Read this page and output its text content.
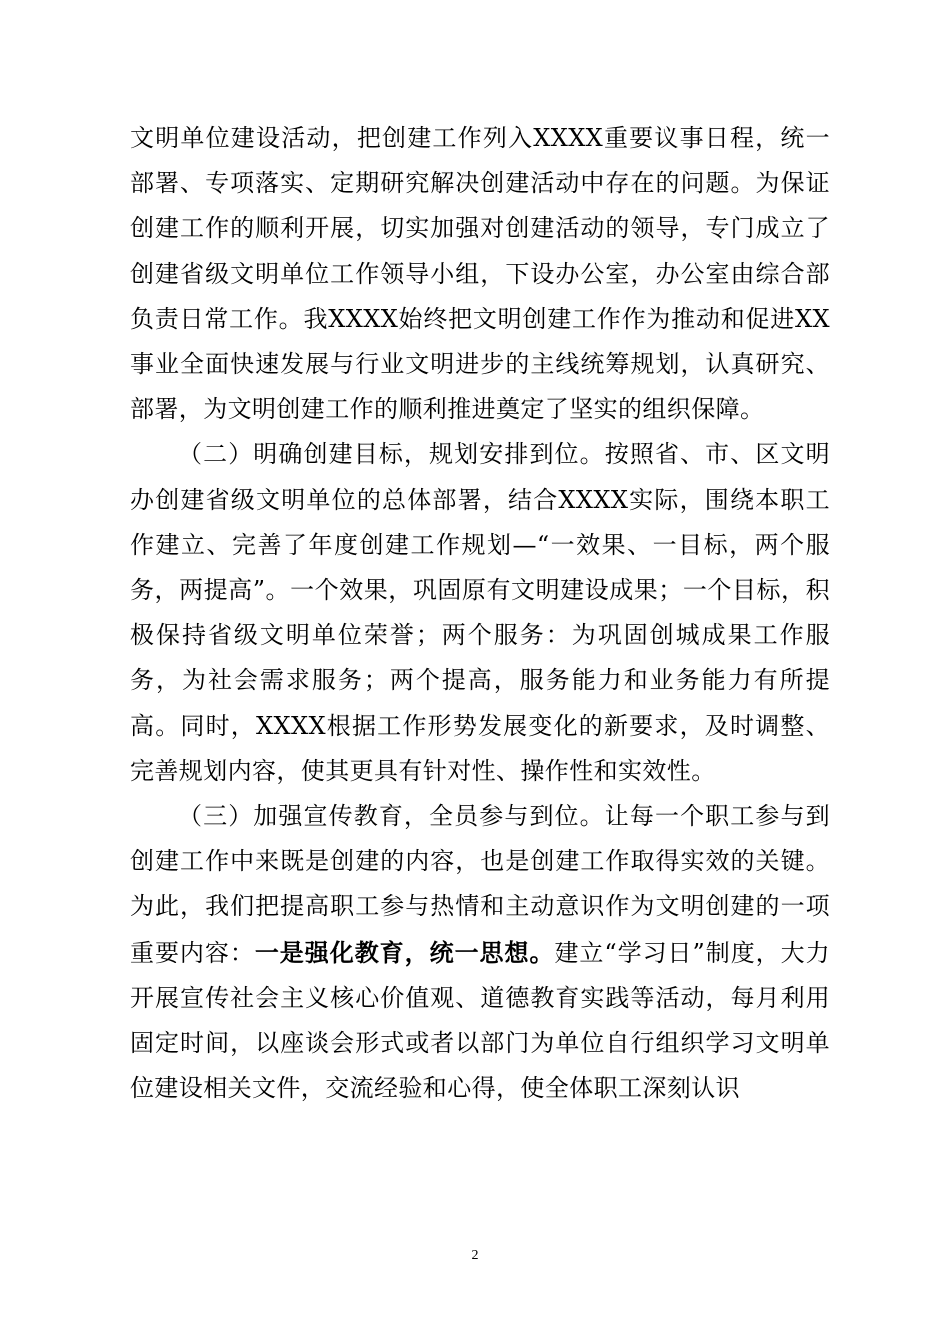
文明单位建设活动，把创建工作列入XXXX重要议事日程，统一部署、专项落实、定期研究解决创建活动中存在的问题。为保证创建工作的顺利开展，切实加强对创建活动的领导，专门成立了创建省级文明单位工作领导小组，下设办公室，办公室由综合部负责日常工作。我XXXX始终把文明创建工作作为推动和促进XX事业全面快速发展与行业文明进步的主线统筹规划，认真研究、部署，为文明创建工作的顺利推进奠定了坚实的组织保障。

（二）明确创建目标，规划安排到位。按照省、市、区文明办创建省级文明单位的总体部署，结合XXXX实际，围绕本职工作建立、完善了年度创建工作规划—“一效果、一目标，两个服务，两提高”。一个效果，巩固原有文明建设成果；一个目标，积极保持省级文明单位荣誉；两个服务：为巩固创城成果工作服务，为社会需求服务；两个提高，服务能力和业务能力有所提高。同时，XXXX根据工作形势发展变化的新要求，及时调整、完善规划内容，使其更具有针对性、操作性和实效性。

（三）加强宣传教育，全员参与到位。让每一个职工参与到创建工作中来既是创建的内容，也是创建工作取得实效的关键。为此，我们把提高职工参与热情和主动意识作为文明创建的一项重要内容：一是强化教育，统一思想。建立“学习日”制度，大力开展宣传社会主义核心价值观、道德教育实践等活动，每月利用固定时间，以座谈会形式或者以部门为单位自行组织学习文明单位建设相关文件，交流经验和心得，使全体职工深刻认识

2
